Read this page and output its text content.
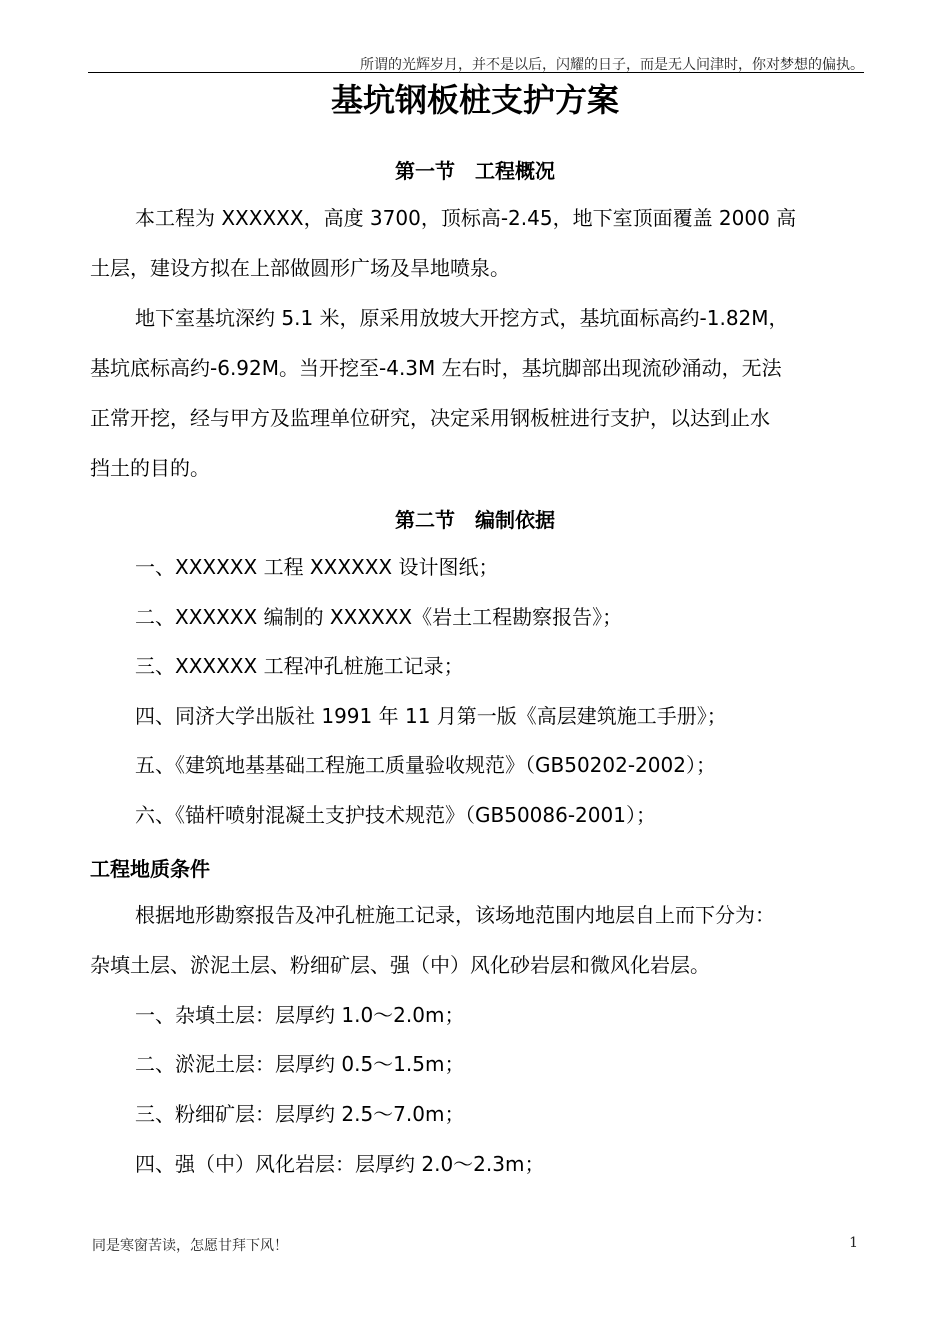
所谓的光辉岁月，并不是以后，闪耀的日子，而是无人问津时，你对梦想的偏执。
基坑钢板桩支护方案
第一节　工程概况
本工程为 XXXXXX，高度 3700，顶标高-2.45，地下室顶面覆盖 2000 高
土层，建设方拟在上部做圆形广场及旱地喷泉。
地下室基坑深约 5.1 米，原采用放坡大开挖方式，基坑面标高约-1.82M，
基坑底标高约-6.92M。当开挖至-4.3M 左右时，基坑脚部出现流砂涌动，无法
正常开挖，经与甲方及监理单位研究，决定采用钢板桩进行支护，以达到止水
挡土的目的。
第二节　编制依据
一、XXXXXX 工程 XXXXXX 设计图纸；
二、XXXXXX 编制的 XXXXXX《岩土工程勘察报告》；
三、XXXXXX 工程冲孔桩施工记录；
四、同济大学出版社 1991 年 11 月第一版《高层建筑施工手册》；
五、《建筑地基基础工程施工质量验收规范》（GB50202-2002）；
六、《锚杆喷射混凝土支护技术规范》（GB50086-2001）；
工程地质条件
根据地形勘察报告及冲孔桩施工记录，该场地范围内地层自上而下分为：
杂填土层、淤泥土层、粉细矿层、强（中）风化砂岩层和微风化岩层。
一、杂填土层：层厚约 1.0～2.0m；
二、淤泥土层：层厚约 0.5～1.5m；
三、粉细矿层：层厚约 2.5～7.0m；
四、强（中）风化岩层：层厚约 2.0～2.3m；
同是寒窗苦读，怎愿甘拜下风！	1
